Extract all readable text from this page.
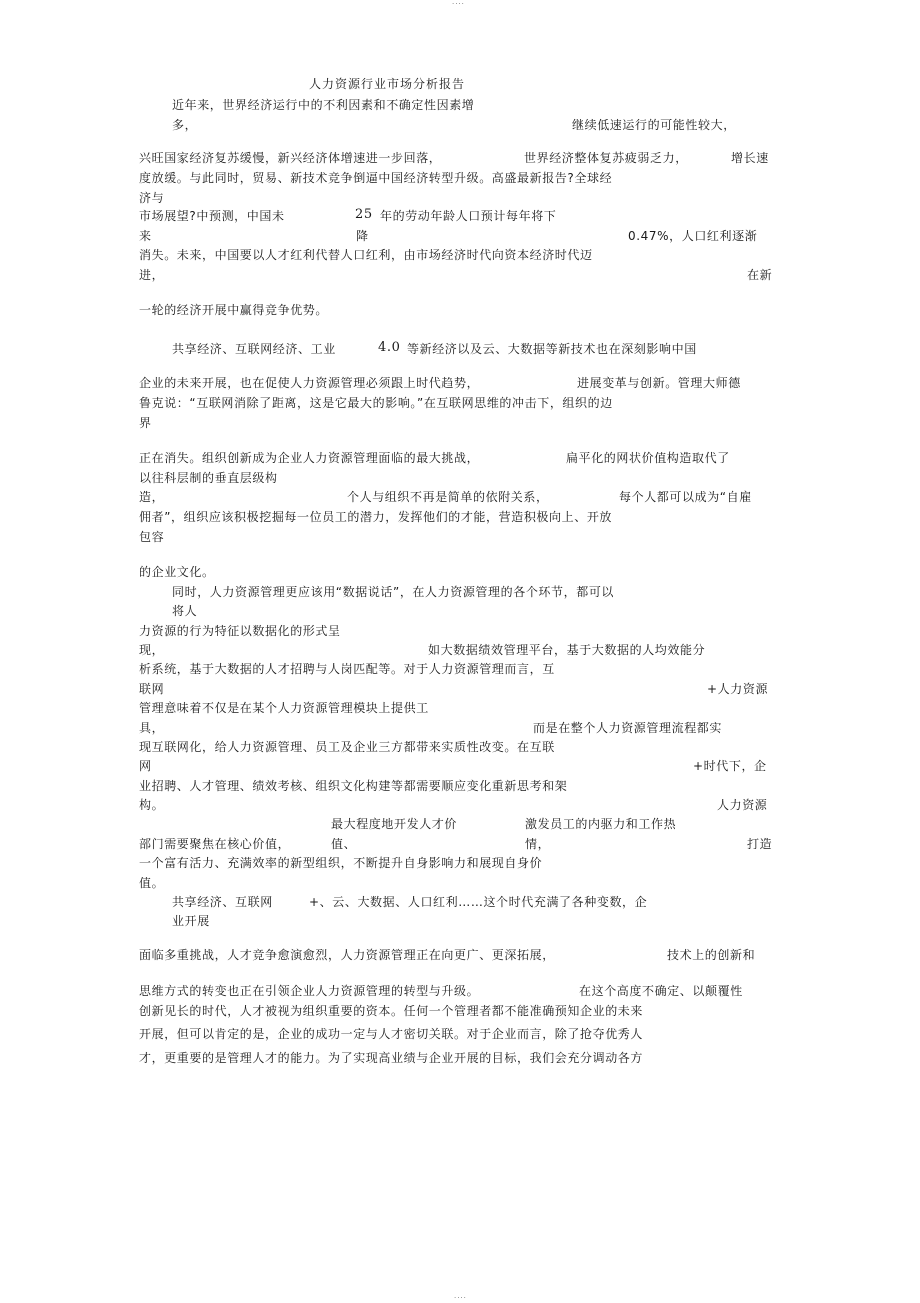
····
人力资源行业市场分析报告
近年来，世界经济运行中的不利因素和不确定性因素增
多，	继续低速运行的可能性较大，
兴旺国家经济复苏缓慢，新兴经济体增速进一步回落，	世界经济整体复苏疲弱乏力，	增长速
度放缓。与此同时，贸易、新技术竞争倒逼中国经济转型升级。高盛最新报告?全球经
济与
市场展望?中预测，中国未	25 年的劳动年龄人口预计每年将下
来	降	0.47%，人口红利逐渐
消失。未来，中国要以人才红利代替人口红利，由市场经济时代向资本经济时代迈
进，	在新
一轮的经济开展中赢得竞争优势。
共享经济、互联网经济、工业	4.0 等新经济以及云、大数据等新技术也在深刻影响中国
企业的未来开展，也在促使人力资源管理必须跟上时代趋势，	进展变革与创新。管理大师德
鲁克说：“互联网消除了距离，这是它最大的影响。”在互联网思维的冲击下，组织的边
界
正在消失。组织创新成为企业人力资源管理面临的最大挑战，	扁平化的网状价值构造取代了
以往科层制的垂直层级构
造，	个人与组织不再是简单的依附关系，	每个人都可以成为“自雇
佣者”，组织应该积极挖掘每一位员工的潜力，发挥他们的才能，营造积极向上、开放
包容
的企业文化。
同时，人力资源管理更应该用“数据说话”，在人力资源管理的各个环节，都可以
将人
力资源的行为特征以数据化的形式呈
现，	如大数据绩效管理平台，基于大数据的人均效能分
析系统，基于大数据的人才招聘与人岗匹配等。对于人力资源管理而言，互
联网	+人力资源
管理意味着不仅是在某个人力资源管理模块上提供工
具，	而是在整个人力资源管理流程都实
现互联网化，给人力资源管理、员工及企业三方都带来实质性改变。在互联
网	+时代下，企
业招聘、人才管理、绩效考核、组织文化构建等都需要顺应变化重新思考和架
构。	人力资源
最大程度地开发人才价	激发员工的内驱力和工作热
部门需要聚焦在核心价值，	值、	情，	打造
一个富有活力、充满效率的新型组织，不断提升自身影响力和展现自身价
值。
共享经济、互联网	+、云、大数据、人口红利……这个时代充满了各种变数，企
业开展
面临多重挑战，人才竞争愈演愈烈，人力资源管理正在向更广、更深拓展，	技术上的创新和
思维方式的转变也正在引领企业人力资源管理的转型与升级。	在这个高度不确定、以颠覆性
创新见长的时代，人才被视为组织重要的资本。任何一个管理者都不能准确预知企业的未来
开展，但可以肯定的是，企业的成功一定与人才密切关联。对于企业而言，除了抢夺优秀人
才，更重要的是管理人才的能力。为了实现高业绩与企业开展的目标，我们会充分调动各方
····
